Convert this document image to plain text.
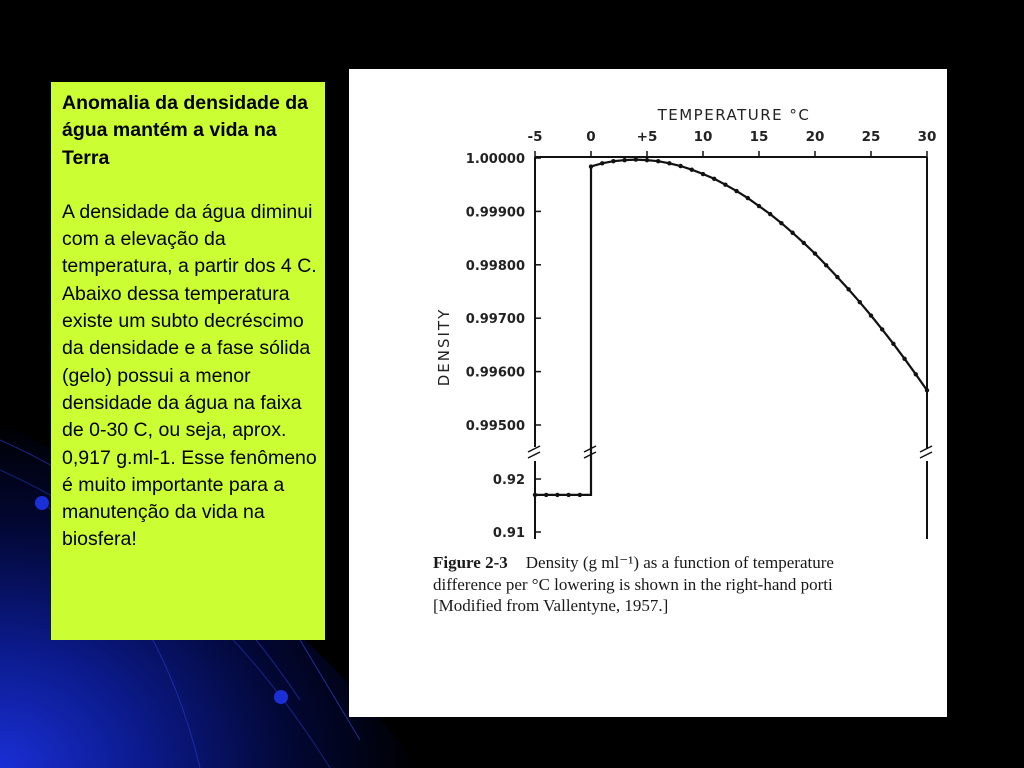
Anomalia da densidade da água mantém a vida na Terra

A densidade da água diminui com a elevação da temperatura, a partir dos 4 C. Abaixo dessa temperatura existe um subto decréscimo da densidade e a fase sólida (gelo) possui a menor densidade da água na faixa de 0-30 C, ou seja, aprox. 0,917 g.ml-1. Esse fenômeno é muito importante para a manutenção da vida na biosfera!

TEMPERATURE °C
-5	0	+5	10	15	20	25	30
DENSITY
1.00000
0.99900
0.99800
0.99700
0.99600
0.99500
0.92
0.91
Figure 2-3 Density (g ml⁻¹) as a function of temperature
difference per °C lowering is shown in the right-hand porti
[Modified from Vallentyne, 1957.]
